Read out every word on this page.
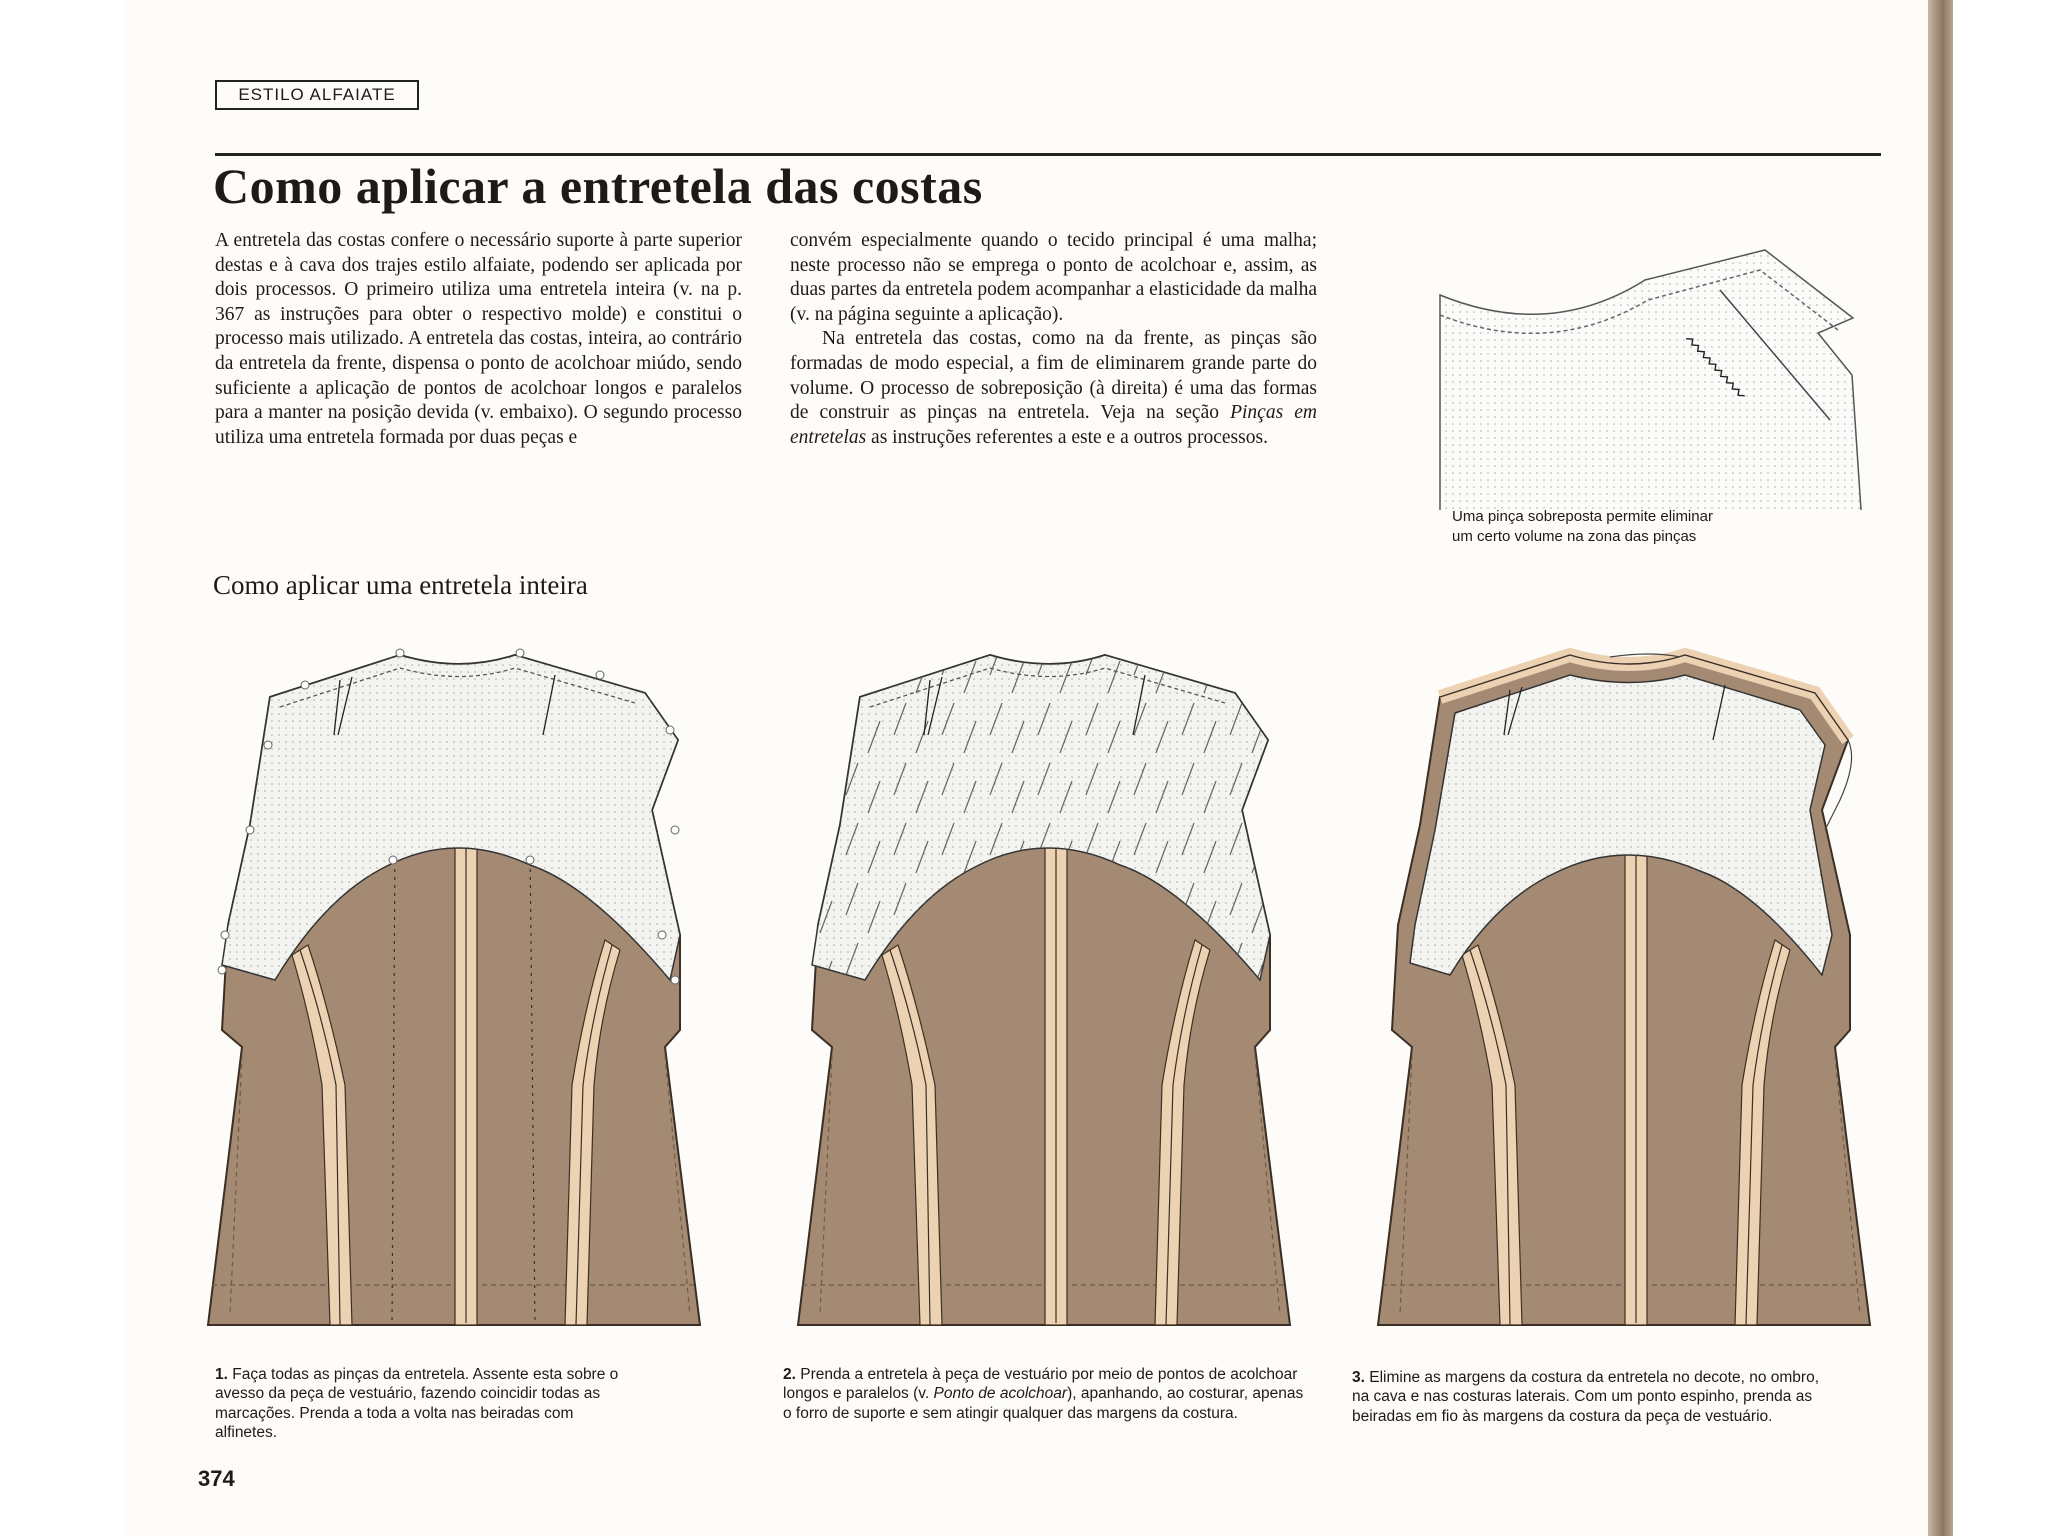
ESTILO ALFAIATE
Como aplicar a entretela das costas

A entretela das costas confere o necessário suporte à parte superior destas e à cava dos trajes estilo alfaiate, podendo ser aplicada por dois processos. O primeiro utiliza uma entretela inteira (v. na p. 367 as instruções para obter o respectivo molde) e constitui o processo mais utilizado. A entretela das costas, inteira, ao contrário da entretela da frente, dispensa o ponto de acolchoar miúdo, sendo suficiente a aplicação de pontos de acolchoar longos e paralelos para a manter na posição devida (v. embaixo). O segundo processo utiliza uma entretela formada por duas peças e

convém especialmente quando o tecido principal é uma malha; neste processo não se emprega o ponto de acolchoar e, assim, as duas partes da entretela podem acompanhar a elasticidade da malha (v. na página seguinte a aplicação).

Na entretela das costas, como na da frente, as pinças são formadas de modo especial, a fim de eliminarem grande parte do volume. O processo de sobreposição (à direita) é uma das formas de construir as pinças na entretela. Veja na seção Pinças em entretelas as instruções referentes a este e a outros processos.

Uma pinça sobreposta permite eliminar
um certo volume na zona das pinças
Como aplicar uma entretela inteira
1. Faça todas as pinças da entretela. Assente esta sobre o avesso da peça de vestuário, fazendo coincidir todas as marcações. Prenda a toda a volta nas beiradas com alfinetes.
2. Prenda a entretela à peça de vestuário por meio de pontos de acolchoar longos e paralelos (v. Ponto de acolchoar), apanhando, ao costurar, apenas o forro de suporte e sem atingir qualquer das margens da costura.
3. Elimine as margens da costura da entretela no decote, no ombro, na cava e nas costuras laterais. Com um ponto espinho, prenda as beiradas em fio às margens da costura da peça de vestuário.
374
